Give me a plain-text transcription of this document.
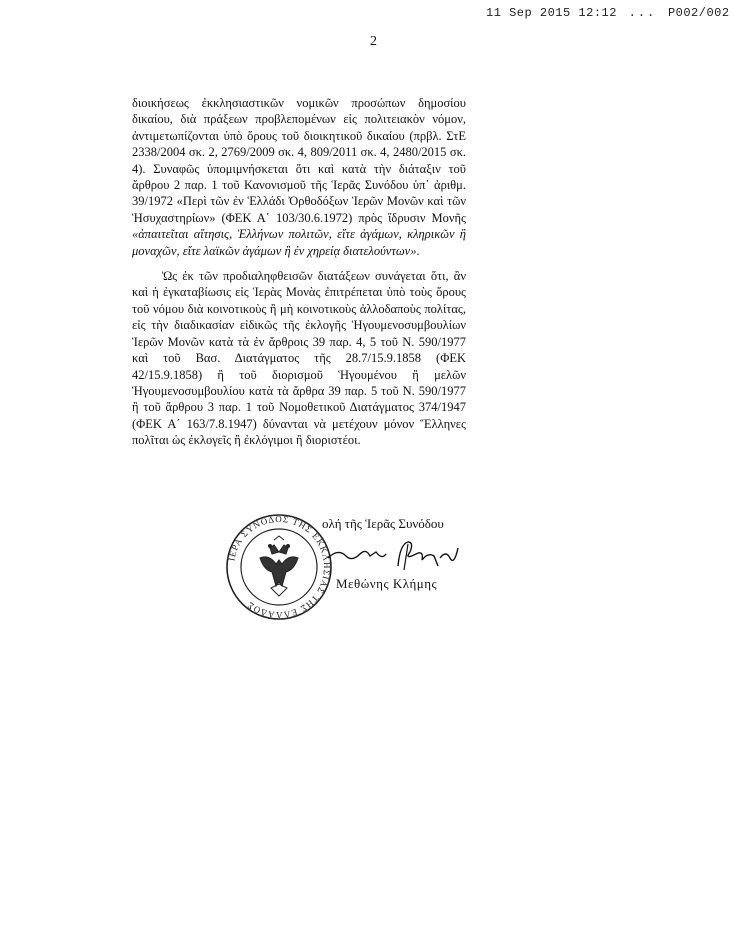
11 Sep 2015 12:12 ... P002/002
2

διοικήσεως ἐκκλησιαστικῶν νομικῶν προσώπων δημοσίου δικαίου, διὰ πράξεων προβλεπομένων εἰς πολιτειακὸν νόμον, ἀντιμετωπίζονται ὑπὸ ὅρους τοῦ διοικητικοῦ δικαίου (πρβλ. ΣτΕ 2338/2004 σκ. 2, 2769/2009 σκ. 4, 809/2011 σκ. 4, 2480/2015 σκ. 4). Συναφῶς ὑπομιμνήσκεται ὅτι καὶ κατὰ τὴν διάταξιν τοῦ ἄρθρου 2 παρ. 1 τοῦ Κανονισμοῦ τῆς Ἱερᾶς Συνόδου ὑπ᾽ ἀριθμ. 39/1972 «Περὶ τῶν ἐν Ἑλλάδι Ὀρθοδόξων Ἱερῶν Μονῶν καὶ τῶν Ἡσυχαστηρίων» (ΦΕΚ Α΄ 103/30.6.1972) πρὸς ἵδρυσιν Μονῆς «ἀπαιτεῖται αἴτησις, Ἑλλήνων πολιτῶν, εἴτε ἀγάμων, κληρικῶν ἢ μοναχῶν, εἴτε λαϊκῶν ἀγάμων ἢ ἐν χηρείᾳ διατελούντων».

Ὡς ἐκ τῶν προδιαληφθεισῶν διατάξεων συνάγεται ὅτι, ἂν καὶ ἡ ἐγκαταβίωσις εἰς Ἱερὰς Μονὰς ἐπιτρέπεται ὑπὸ τοὺς ὅρους τοῦ νόμου διὰ κοινοτικοὺς ἢ μὴ κοινοτικοὺς ἀλλοδαποὺς πολίτας, εἰς τὴν διαδικασίαν εἰδικῶς τῆς ἐκλογῆς Ἡγουμενοσυμβουλίων Ἱερῶν Μονῶν κατὰ τὰ ἐν ἄρθροις 39 παρ. 4, 5 τοῦ Ν. 590/1977 καὶ τοῦ Βασ. Διατάγματος τῆς 28.7/15.9.1858 (ΦΕΚ 42/15.9.1858) ἢ τοῦ διορισμοῦ Ἡγουμένου ἢ μελῶν Ἡγουμενοσυμβουλίου κατὰ τὰ ἄρθρα 39 παρ. 5 τοῦ Ν. 590/1977 ἢ τοῦ ἄρθρου 3 παρ. 1 τοῦ Νομοθετικοῦ Διατάγματος 374/1947 (ΦΕΚ Α΄ 163/7.8.1947) δύνανται νὰ μετέχουν μόνον Ἕλληνες πολῖται ὡς ἐκλογεῖς ἢ ἐκλόγιμοι ἢ διοριστέοι.

ΙΕΡΑ ΣΥΝΟΔΟΣ ΤΗΣ ΕΚΚΛΗΣΙΑΣ ΤΗΣ ΕΛΛΑΔΟΣ
ολή τῆς Ἱερᾶς Συνόδου
Μεθώνης Κλήμης
